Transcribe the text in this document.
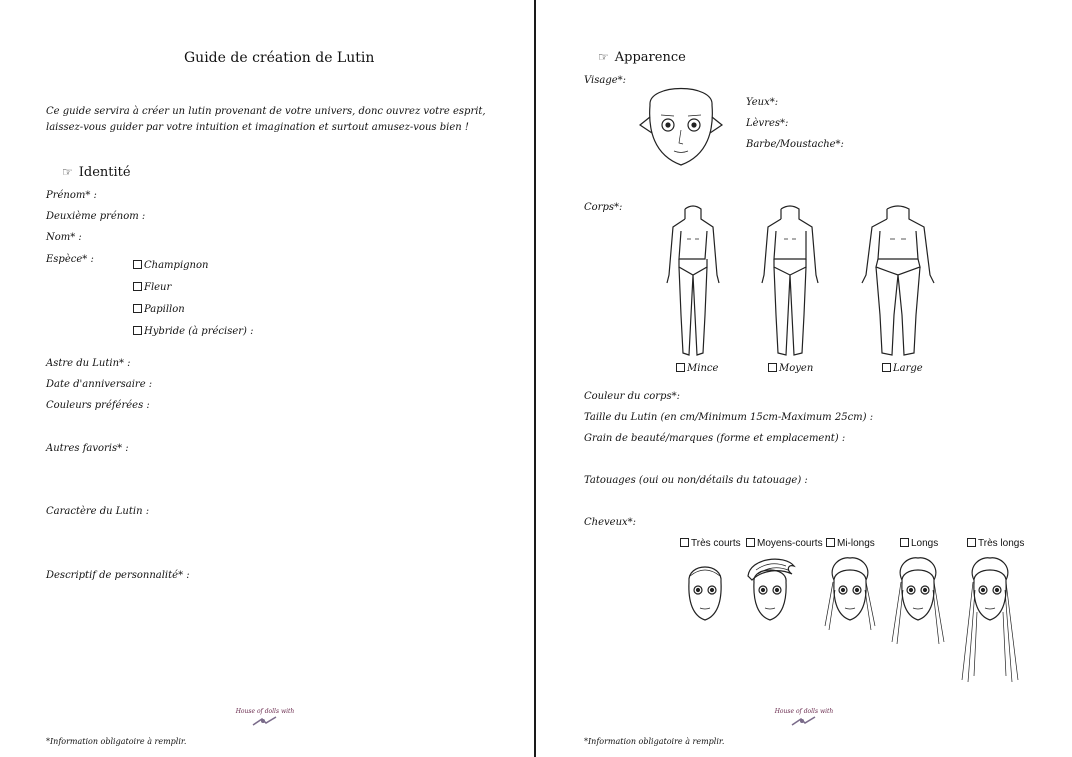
Guide de création de Lutin
Ce guide servira à créer un lutin provenant de votre univers, donc ouvrez votre esprit, laissez-vous guider par votre intuition et imagination et surtout amusez-vous bien !
☞ Identité
Prénom* :
Deuxième prénom :
Nom* :
Espèce* :
Champignon
Fleur
Papillon
Hybride (à préciser) :
Astre du Lutin* :
Date d'anniversaire :
Couleurs préférées :
Autres favoris* :
Caractère du Lutin :
Descriptif de personnalité* :
House of dolls with
*Information obligatoire à remplir.
☞ Apparence
Visage*:
Yeux*:
Lèvres*:
Barbe/Moustache*:
Corps*:
Mince	Moyen	Large
Couleur du corps*:
Taille du Lutin (en cm/Minimum 15cm-Maximum 25cm) :
Grain de beauté/marques (forme et emplacement) :
Tatouages (oui ou non/détails du tatouage) :
Cheveux*:
Très courts	Moyens-courts	Mi-longs	Longs	Très longs
House of dolls with
*Information obligatoire à remplir.
